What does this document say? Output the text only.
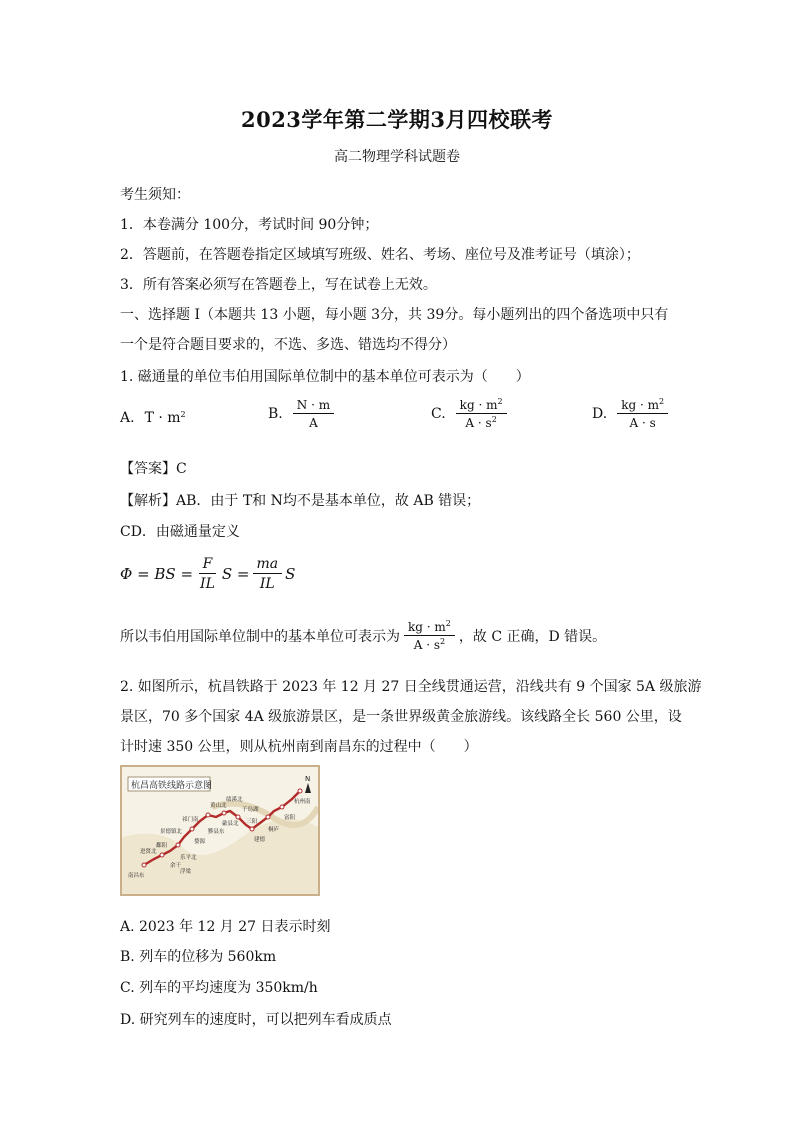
2023学年第二学期3月四校联考
高二物理学科试题卷
考生须知：
1．本卷满分 100分，考试时间 90分钟；
2．答题前，在答题卷指定区域填写班级、姓名、考场、座位号及准考证号（填涂）；
3．所有答案必须写在答题卷上，写在试卷上无效。
一、选择题 I（本题共 13 小题，每小题 3分，共 39分。每小题列出的四个备选项中只有
一个是符合题目要求的，不选、多选、错选均不得分）
1. 磁通量的单位韦伯用国际单位制中的基本单位可表示为（　　）
A. $T \cdot m^2$	B. $\frac{N \cdot m}{A}$	C. $\frac{kg \cdot m^2}{A \cdot s^2}$	D. $\frac{kg \cdot m^2}{A \cdot s}$
【答案】C
【解析】AB．由于 T和 N均不是基本单位，故 AB 错误；
CD．由磁通量定义
Φ = BS = $\frac{F}{IL}$ $S = \frac{ma}{IL}$ S
所以韦伯用国际单位制中的基本单位可表示为 $\frac{kg \cdot m^2}{A \cdot s^2}$ ，故 C 正确，D 错误。
2. 如图所示，杭昌铁路于 2023 年 12 月 27 日全线贯通运营，沿线共有 9 个国家 5A 级旅游
景区，70 多个国家 4A 级旅游景区，是一条世界级黄金旅游线。该线路全长 560 公里，设
计时速 350 公里，则从杭州南到南昌东的过程中（　　）
杭昌高铁线路示意图
N
南昌东
进贤北
鄱阳
余干
景德镇北
乐平北
婺源
祁门南
黟县东
黄山北
歙县北
绩溪北
千岛湖
三阳
建德
桐庐
富阳
杭州南
浮梁
A. 2023 年 12 月 27 日表示时刻
B. 列车的位移为 560km
C. 列车的平均速度为 350km/h
D. 研究列车的速度时，可以把列车看成质点
